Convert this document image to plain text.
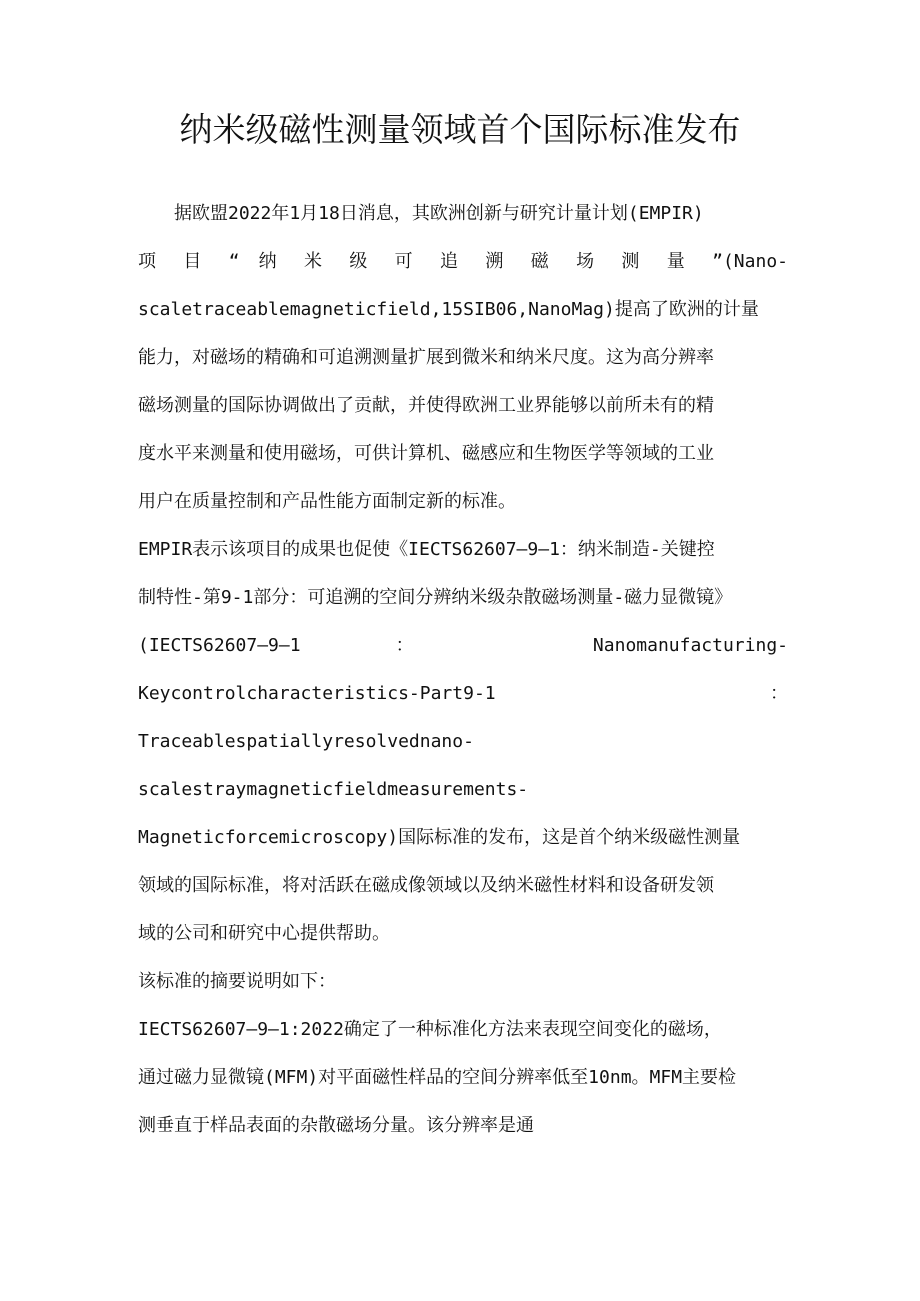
纳米级磁性测量领域首个国际标准发布
据欧盟2022年1月18日消息，其欧洲创新与研究计量计划(EMPIR)
项 目 “ 纳 米 级 可 追 溯 磁 场 测 量 ”(Nano-
scaletraceablemagneticfield,15SIB06,NanoMag)提高了欧洲的计量
能力，对磁场的精确和可追溯测量扩展到微米和纳米尺度。这为高分辨率
磁场测量的国际协调做出了贡献，并使得欧洲工业界能够以前所未有的精
度水平来测量和使用磁场，可供计算机、磁感应和生物医学等领域的工业
用户在质量控制和产品性能方面制定新的标准。
EMPIR表示该项目的成果也促使《IECTS62607—9—1：纳米制造-关键控
制特性-第9-1部分：可追溯的空间分辨纳米级杂散磁场测量-磁力显微镜》
(IECTS62607—9—1 ： Nanomanufacturing-
Keycontrolcharacteristics-Part9-1 ：
Traceablespatiallyresolvednano-
scalestraymagneticfieldmeasurements-
Magneticforcemicroscopy)国际标准的发布，这是首个纳米级磁性测量
领域的国际标准，将对活跃在磁成像领域以及纳米磁性材料和设备研发领
域的公司和研究中心提供帮助。
该标准的摘要说明如下：
IECTS62607—9—1:2022确定了一种标准化方法来表现空间变化的磁场，
通过磁力显微镜(MFM)对平面磁性样品的空间分辨率低至10nm。MFM主要检
测垂直于样品表面的杂散磁场分量。该分辨率是通
